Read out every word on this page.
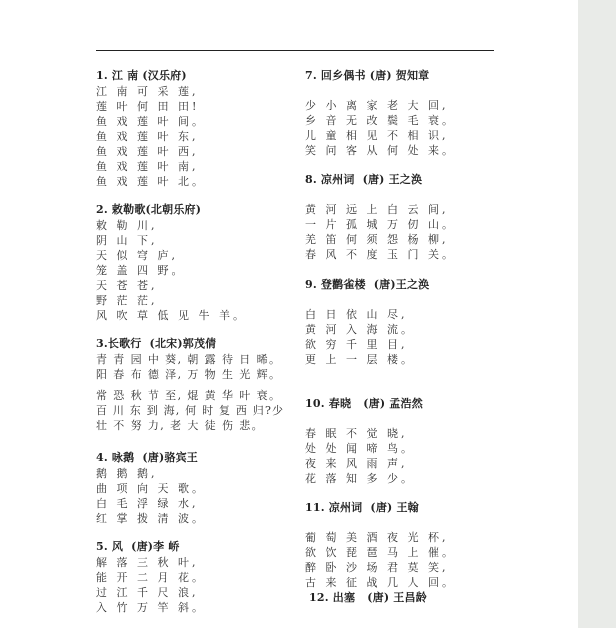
1. 江 南 (汉乐府)
江 南 可 采 莲,
莲 叶 何 田 田!
鱼 戏 莲 叶 间。
鱼 戏 莲 叶 东,
鱼 戏 莲 叶 西,
鱼 戏 莲 叶 南,
鱼 戏 莲 叶 北。
2. 敕勒歌(北朝乐府)
敕 勒 川,
阴 山 下,
天 似 穹 庐,
笼 盖 四 野。
天 苍 苍,
野 茫 茫,
风 吹 草 低 见 牛 羊。
3.长歌行  (北宋)郭茂倩
青 青 园 中 葵, 朝 露 待 日 晞。
阳 春 布 德 泽, 万 物 生 光 辉。
常 恐 秋 节 至, 焜 黄 华 叶 衰。
百 川 东 到 海, 何 时 复 西 归?少
壮 不 努 力, 老 大 徒 伤 悲。
4. 咏鹅  (唐)骆宾王
鹅 鹅 鹅,
曲 项 向 天 歌。
白 毛 浮 绿 水,
红 掌 拨 清 波。
5. 风  (唐)李 峤
解 落 三 秋 叶,
能 开 二 月 花。
过 江 千 尺 浪,
入 竹 万 竿 斜。
7. 回乡偶书 (唐) 贺知章
少 小 离 家 老 大 回,
乡 音 无 改 鬓 毛 衰。
儿 童 相 见 不 相 识,
笑 问 客 从 何 处 来。
8. 凉州词  (唐) 王之涣
黄 河 远 上 白 云 间,
一 片 孤 城 万 仞 山。
羌 笛 何 须 怨 杨 柳,
春 风 不 度 玉 门 关。
9. 登鹳雀楼  (唐)王之涣
白 日 依 山 尽,
黄 河 入 海 流。
欲 穷 千 里 目,
更 上 一 层 楼。
10. 春晓   (唐) 孟浩然
春 眠 不 觉 晓,
处 处 闻 啼 鸟。
夜 来 风 雨 声,
花 落 知 多 少。
11. 凉州词  (唐) 王翰
葡 萄 美 酒 夜 光 杯,
欲 饮 琵 琶 马 上 催。
醉 卧 沙 场 君 莫 笑,
古 来 征 战 几 人 回。
12. 出塞   (唐) 王昌龄
